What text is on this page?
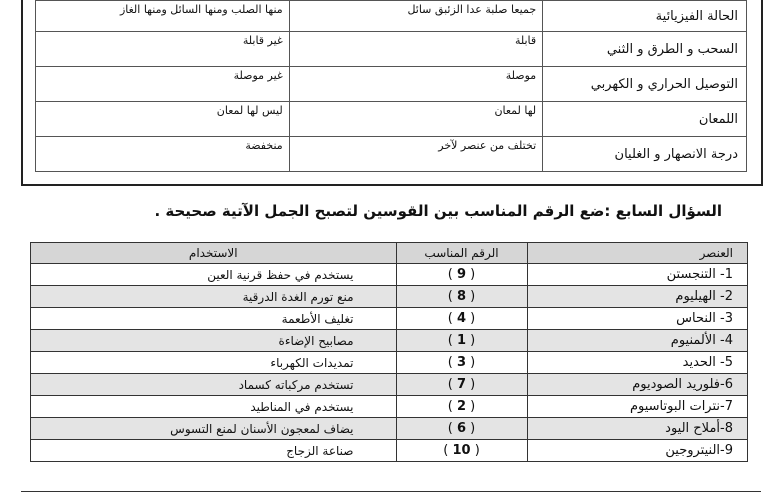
الحالة الفيزيائية	جميعا صلبة عدا الزئبق سائل	منها الصلب ومنها السائل ومنها الغاز
السحب و الطرق و الثني	قابلة	غير قابلة
التوصيل الحراري و الكهربي	موصلة	غير موصلة
اللمعان	لها لمعان	ليس لها لمعان
درجة الانصهار و الغليان	تختلف من عنصر لآخر	منخفضة
السؤال السابع :ضع الرقم المناسب بين القوسين لتصبح الجمل الآتية صحيحة .
العنصر	الرقم المناسب	الاستخدام
1- التنجستن	( 9 )	يستخدم في حفظ قرنية العين
2- الهيليوم	( 8 )	منع تورم الغدة الدرقية
3- النحاس	( 4 )	تغليف الأطعمة
4- الألمنيوم	( 1 )	مصابيح الإضاءة
5- الحديد	( 3 )	تمديدات الكهرباء
6-فلوريد الصوديوم	( 7 )	تستخدم مركباته كسماد
7-نترات البوتاسيوم	( 2 )	يستخدم في المناطيد
8-أملاح اليود	( 6 )	يضاف لمعجون الأسنان لمنع التسوس
9-النيتروجين	( 10 )	صناعة الزجاج
